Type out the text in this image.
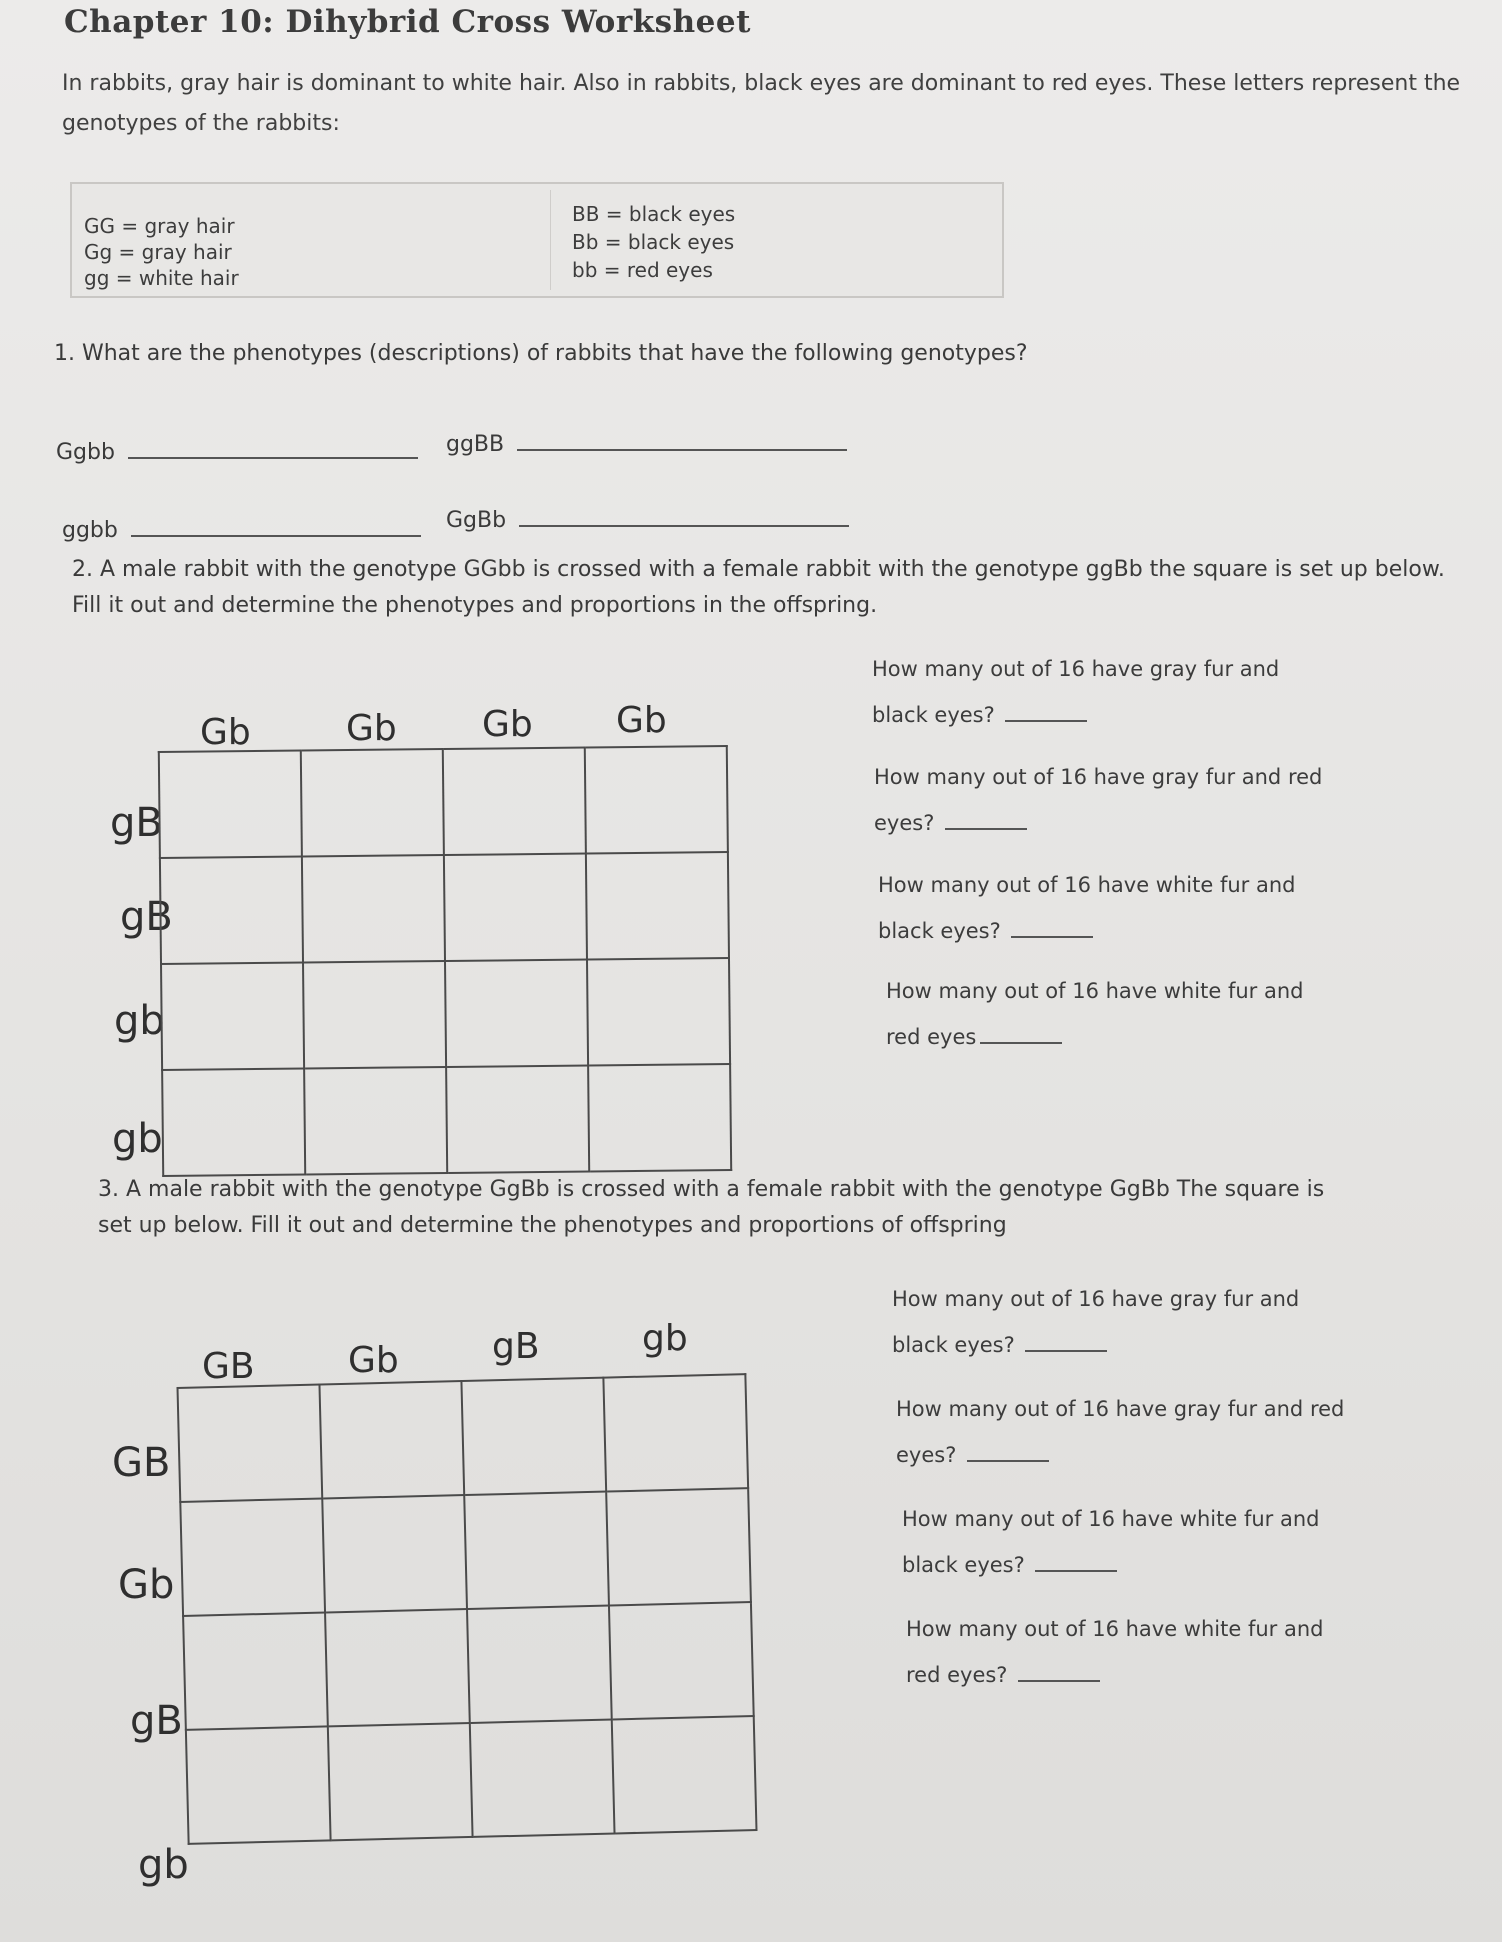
Chapter 10: Dihybrid Cross Worksheet
In rabbits, gray hair is dominant to white hair. Also in rabbits, black eyes are dominant to red eyes. These letters represent the genotypes of the rabbits:
GG = gray hair
Gg = gray hair
gg = white hair
BB = black eyes
Bb = black eyes
bb = red eyes
1. What are the phenotypes (descriptions) of rabbits that have the following genotypes?
Ggbb	ggBB
ggbb	GgBb
2. A male rabbit with the genotype GGbb is crossed with a female rabbit with the genotype ggBb the square is set up below. Fill it out and determine the phenotypes and proportions in the offspring.
Gb	Gb Gb Gb
gB
gB
gb
gb

How many out of 16 have gray fur and
black eyes?
How many out of 16 have gray fur and red
eyes?
How many out of 16 have white fur and
black eyes?
How many out of 16 have white fur and
red eyes
3. A male rabbit with the genotype GgBb is crossed with a female rabbit with the genotype GgBb The square is set up below. Fill it out and determine the phenotypes and proportions of offspring
GB	Gb	gB	gb
GB
Gb
gB
gb

How many out of 16 have gray fur and
black eyes?
How many out of 16 have gray fur and red
eyes?
How many out of 16 have white fur and
black eyes?
How many out of 16 have white fur and
red eyes?
